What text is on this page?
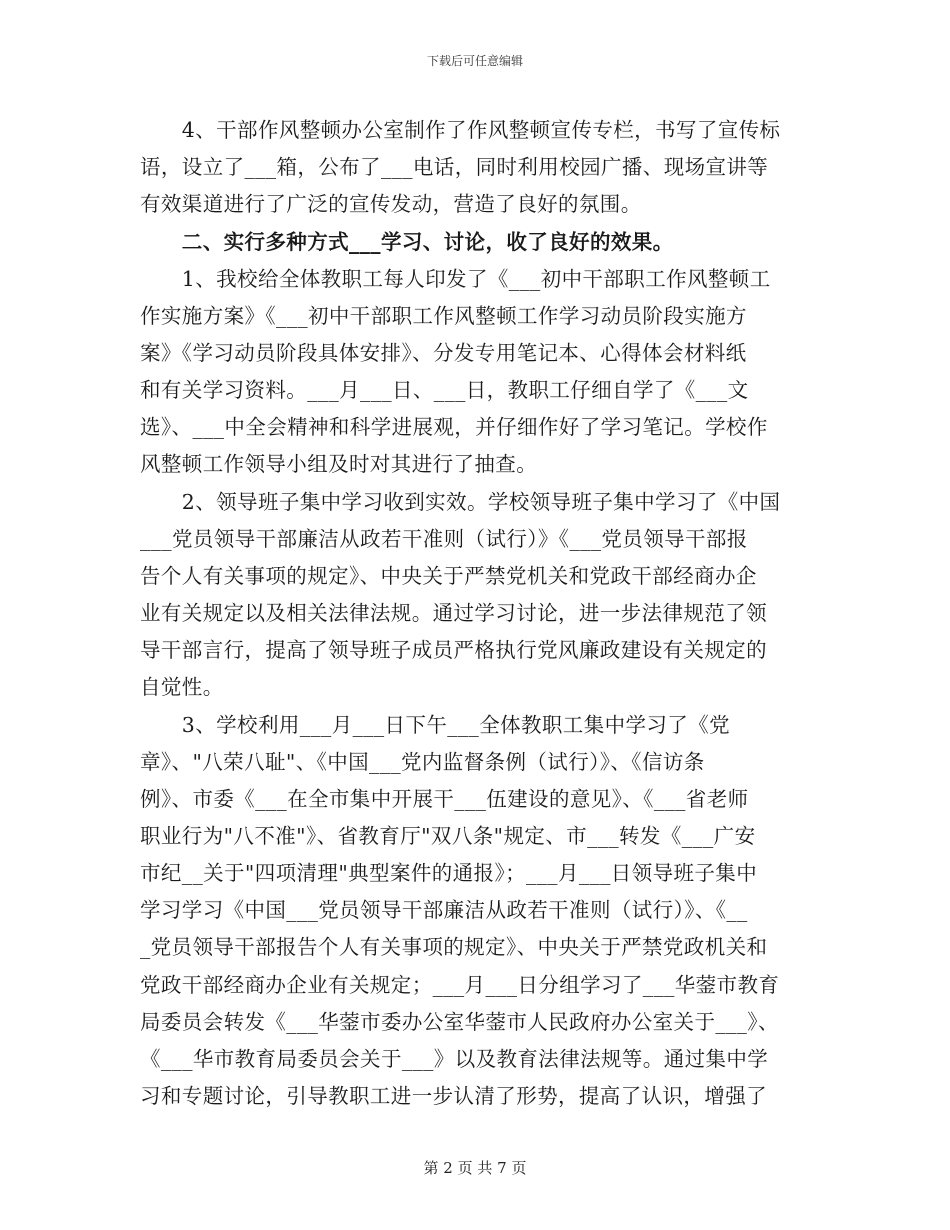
下载后可任意编辑
　　4、干部作风整顿办公室制作了作风整顿宣传专栏，书写了宣传标
语，设立了___箱，公布了___电话，同时利用校园广播、现场宣讲等
有效渠道进行了广泛的宣传发动，营造了良好的氛围。
　　二、实行多种方式___学习、讨论，收了良好的效果。
　　1、我校给全体教职工每人印发了《___初中干部职工作风整顿工
作实施方案》《___初中干部职工作风整顿工作学习动员阶段实施方
案》《学习动员阶段具体安排》、分发专用笔记本、心得体会材料纸
和有关学习资料。___月___日、___日，教职工仔细自学了《___文
选》、___中全会精神和科学进展观，并仔细作好了学习笔记。学校作
风整顿工作领导小组及时对其进行了抽查。
　　2、领导班子集中学习收到实效。学校领导班子集中学习了《中国
___党员领导干部廉洁从政若干准则（试行）》《___党员领导干部报
告个人有关事项的规定》、中央关于严禁党机关和党政干部经商办企
业有关规定以及相关法律法规。通过学习讨论，进一步法律规范了领
导干部言行，提高了领导班子成员严格执行党风廉政建设有关规定的
自觉性。
　　3、学校利用___月___日下午___全体教职工集中学习了《党
章》、"八荣八耻"、《中国___党内监督条例（试行）》、《信访条
例》、市委《___在全市集中开展干___伍建设的意见》、《___省老师
职业行为"八不准"》、省教育厅"双八条"规定、市___转发《___广安
市纪__关于"四项清理"典型案件的通报》；___月___日领导班子集中
学习学习《中国___党员领导干部廉洁从政若干准则（试行）》、《__
_党员领导干部报告个人有关事项的规定》、中央关于严禁党政机关和
党政干部经商办企业有关规定；___月___日分组学习了___华蓥市教育
局委员会转发《___华蓥市委办公室华蓥市人民政府办公室关于___》、
《___华市教育局委员会关于___》以及教育法律法规等。通过集中学
习和专题讨论，引导教职工进一步认清了形势，提高了认识，增强了
第 2 页 共 7 页
